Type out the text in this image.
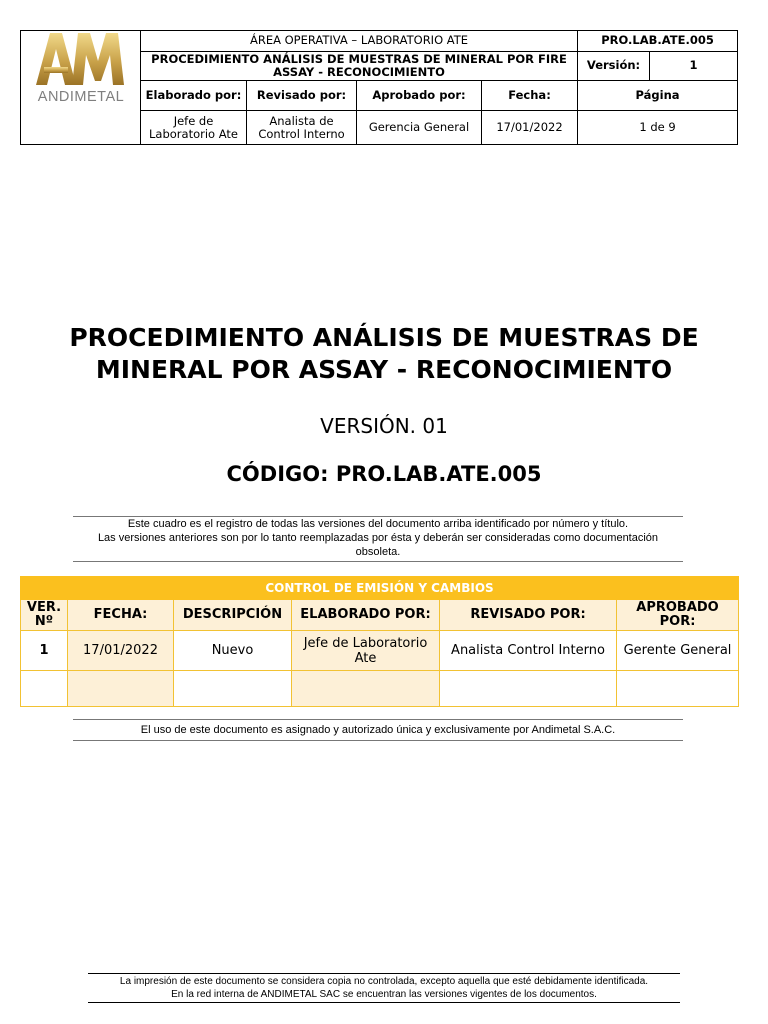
ANDIMETAL	ÁREA OPERATIVA – LABORATORIO ATE				PRO.LAB.ATE.005	
	PROCEDIMIENTO ANÁLISIS DE MUESTRAS DE MINERAL POR FIRE ASSAY - RECONOCIMIENTO				Versión:	1
	Elaborado por:	Revisado por:	Aprobado por:	Fecha:	Página	
	Jefe de Laboratorio Ate	Analista de Control Interno	Gerencia General	17/01/2022	1 de 9	
PROCEDIMIENTO ANÁLISIS DE MUESTRAS DE MINERAL POR ASSAY - RECONOCIMIENTO
VERSIÓN. 01
CÓDIGO: PRO.LAB.ATE.005
Este cuadro es el registro de todas las versiones del documento arriba identificado por número y título.
Las versiones anteriores son por lo tanto reemplazadas por ésta y deberán ser consideradas como documentación obsoleta.
CONTROL DE EMISIÓN Y CAMBIOS					
VER. Nº	FECHA:	DESCRIPCIÓN	ELABORADO POR:	REVISADO POR:	APROBADO POR:
1	17/01/2022	Nuevo	Jefe de Laboratorio Ate	Analista Control Interno	Gerente General

El uso de este documento es asignado y autorizado única y exclusivamente por Andimetal S.A.C.
La impresión de este documento se considera copia no controlada, excepto aquella que esté debidamente identificada.
En la red interna de ANDIMETAL SAC se encuentran las versiones vigentes de los documentos.
